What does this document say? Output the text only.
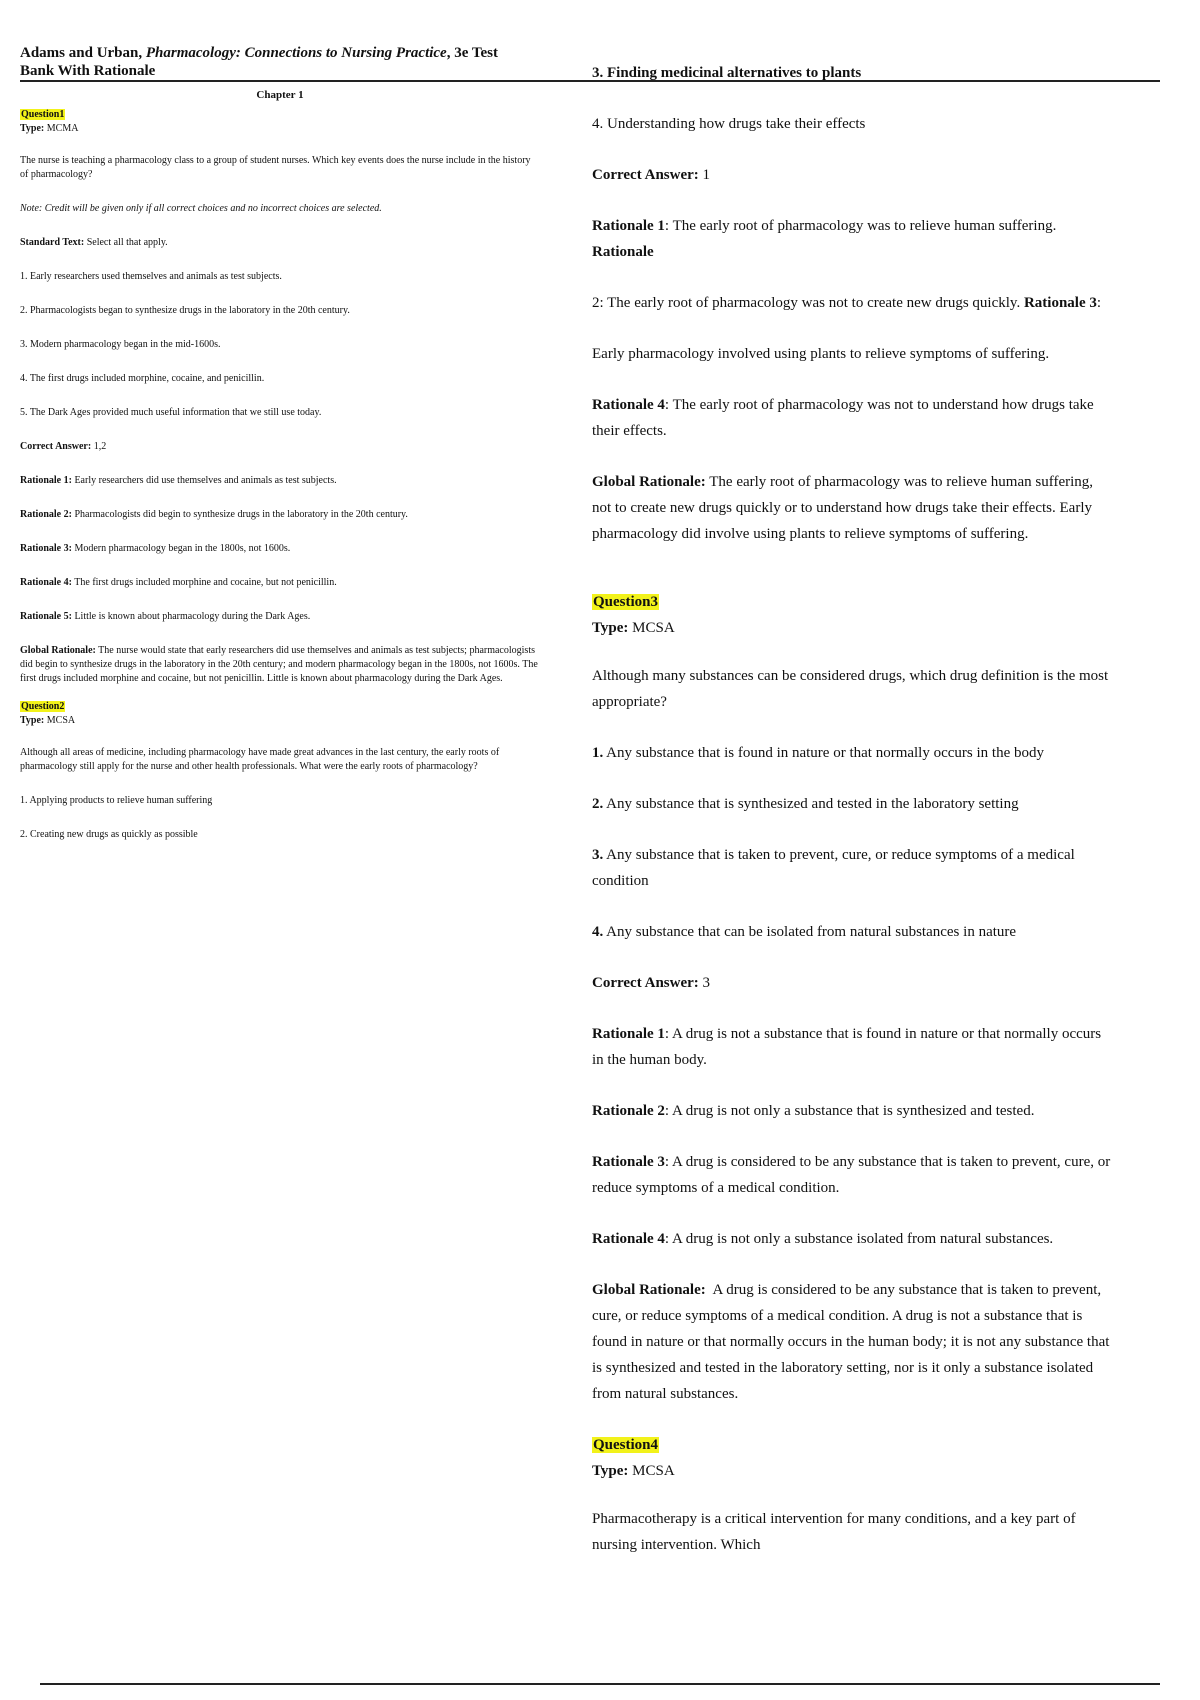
Adams and Urban, Pharmacology: Connections to Nursing Practice, 3e Test
Bank With Rationale
Chapter 1
Question1
Type: MCMA

The nurse is teaching a pharmacology class to a group of student nurses. Which key events does the nurse include in the history of pharmacology?

Note: Credit will be given only if all correct choices and no incorrect choices are selected.

Standard Text: Select all that apply.

1. Early researchers used themselves and animals as test subjects.

2. Pharmacologists began to synthesize drugs in the laboratory in the 20th century.

3. Modern pharmacology began in the mid-1600s.

4. The first drugs included morphine, cocaine, and penicillin.

5. The Dark Ages provided much useful information that we still use today.

Correct Answer: 1,2

Rationale 1: Early researchers did use themselves and animals as test subjects.

Rationale 2: Pharmacologists did begin to synthesize drugs in the laboratory in the 20th century.

Rationale 3: Modern pharmacology began in the 1800s, not 1600s.

Rationale 4: The first drugs included morphine and cocaine, but not penicillin.

Rationale 5: Little is known about pharmacology during the Dark Ages.

Global Rationale: The nurse would state that early researchers did use themselves and animals as test subjects; pharmacologists did begin to synthesize drugs in the laboratory in the 20th century; and modern pharmacology began in the 1800s, not 1600s. The first drugs included morphine and cocaine, but not penicillin. Little is known about pharmacology during the Dark Ages.

Question2
Type: MCSA

Although all areas of medicine, including pharmacology have made great advances in the last century, the early roots of pharmacology still apply for the nurse and other health professionals. What were the early roots of pharmacology?

1. Applying products to relieve human suffering

2. Creating new drugs as quickly as possible

3. Finding medicinal alternatives to plants

4. Understanding how drugs take their effects

Correct Answer: 1

Rationale 1: The early root of pharmacology was to relieve human suffering. Rationale

2: The early root of pharmacology was not to create new drugs quickly. Rationale 3:

Early pharmacology involved using plants to relieve symptoms of suffering.

Rationale 4: The early root of pharmacology was not to understand how drugs take their effects.

Global Rationale: The early root of pharmacology was to relieve human suffering, not to create new drugs quickly or to understand how drugs take their effects. Early pharmacology did involve using plants to relieve symptoms of suffering.

Question3
Type: MCSA

Although many substances can be considered drugs, which drug definition is the most appropriate?

1. Any substance that is found in nature or that normally occurs in the body

2. Any substance that is synthesized and tested in the laboratory setting

3. Any substance that is taken to prevent, cure, or reduce symptoms of a medical condition

4. Any substance that can be isolated from natural substances in nature

Correct Answer: 3

Rationale 1: A drug is not a substance that is found in nature or that normally occurs in the human body.

Rationale 2: A drug is not only a substance that is synthesized and tested.

Rationale 3: A drug is considered to be any substance that is taken to prevent, cure, or reduce symptoms of a medical condition.

Rationale 4: A drug is not only a substance isolated from natural substances.

Global Rationale: A drug is considered to be any substance that is taken to prevent, cure, or reduce symptoms of a medical condition. A drug is not a substance that is found in nature or that normally occurs in the human body; it is not any substance that is synthesized and tested in the laboratory setting, nor is it only a substance isolated from natural substances.

Question4
Type: MCSA

Pharmacotherapy is a critical intervention for many conditions, and a key part of nursing intervention. Which
